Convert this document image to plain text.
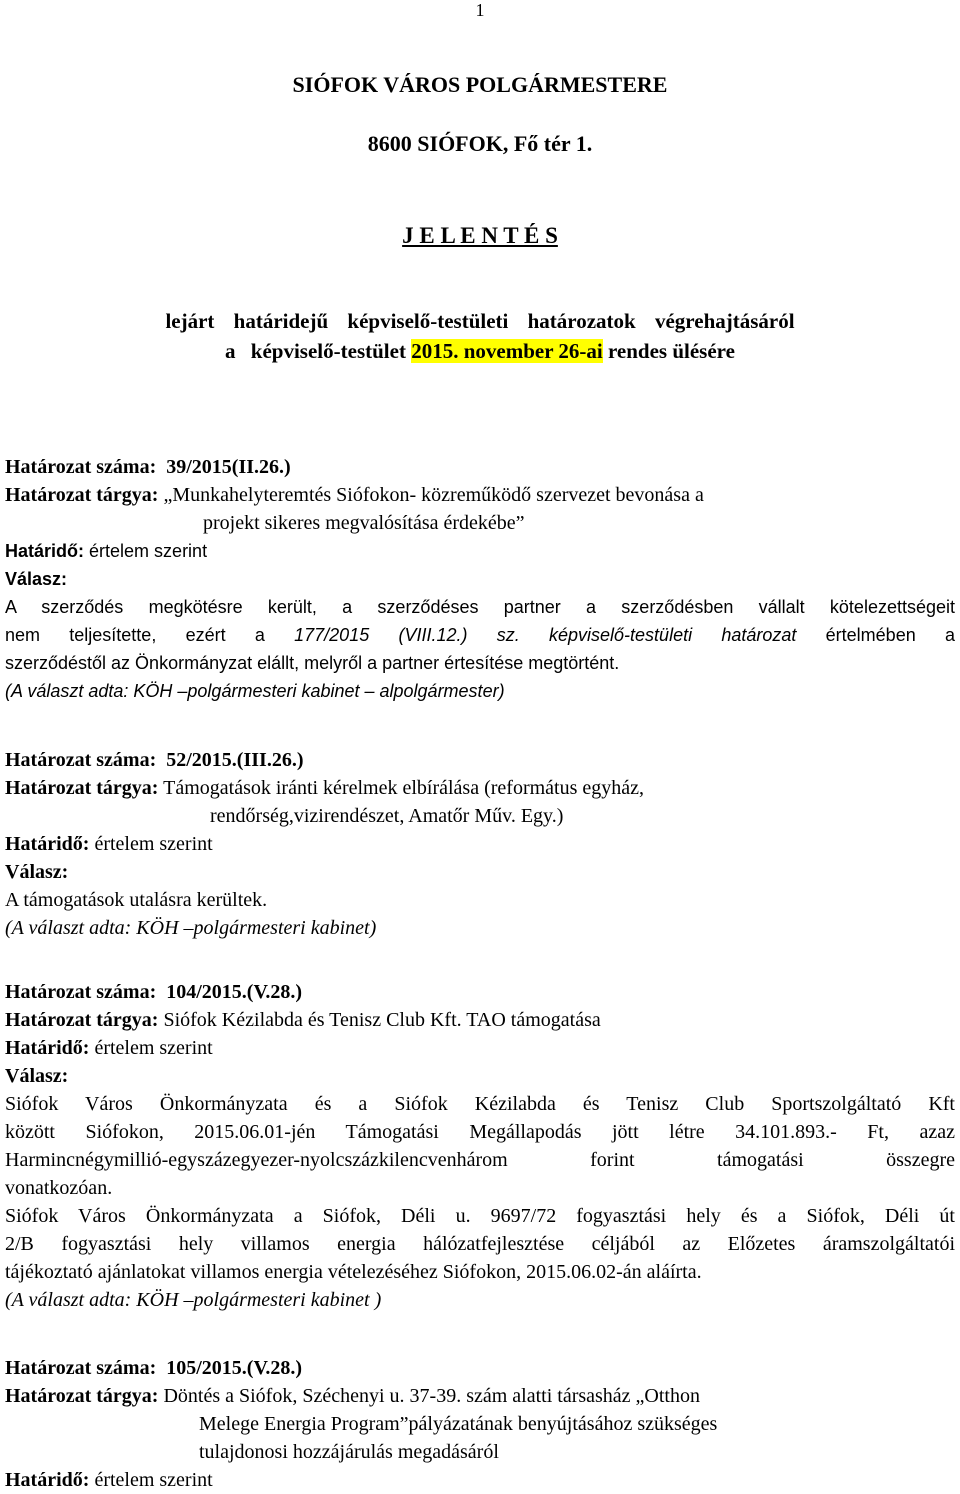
1
SIÓFOK VÁROS POLGÁRMESTERE
8600 SIÓFOK, Fő tér 1.
J E L E N T É S
lejárt határidejű képviselő-testületi határozatok végrehajtásáról
a képviselő-testület 2015. november 26-ai rendes ülésére
Határozat száma: 39/2015(II.26.)
Határozat tárgya: „Munkahelyteremtés Siófokon- közreműködő szervezet bevonása a
projekt sikeres megvalósítása érdekébe”
Határidő: értelem szerint
Válasz:
A szerződés megkötésre került, a szerződéses partner a szerződésben vállalt kötelezettségeit
nem teljesítette, ezért a 177/2015 (VIII.12.) sz. képviselő-testületi határozat értelmében a
szerződéstől az Önkormányzat elállt, melyről a partner értesítése megtörtént.
(A választ adta: KÖH –polgármesteri kabinet – alpolgármester)
Határozat száma: 52/2015.(III.26.)
Határozat tárgya: Támogatások iránti kérelmek elbírálása (református egyház,
rendőrség,vizirendészet, Amatőr Műv. Egy.)
Határidő: értelem szerint
Válasz:
A támogatások utalásra kerültek.
(A választ adta: KÖH –polgármesteri kabinet)
Határozat száma: 104/2015.(V.28.)
Határozat tárgya: Siófok Kézilabda és Tenisz Club Kft. TAO támogatása
Határidő: értelem szerint
Válasz:
Siófok Város Önkormányzata és a Siófok Kézilabda és Tenisz Club Sportszolgáltató Kft
között Siófokon, 2015.06.01-jén Támogatási Megállapodás jött létre 34.101.893.- Ft, azaz
Harmincnégymillió-egyszázegyezer-nyolcszázkilencvenhárom forint támogatási összegre
vonatkozóan.
Siófok Város Önkormányzata a Siófok, Déli u. 9697/72 fogyasztási hely és a Siófok, Déli út
2/B fogyasztási hely villamos energia hálózatfejlesztése céljából az Előzetes áramszolgáltatói
tájékoztató ajánlatokat villamos energia vételezéséhez Siófokon, 2015.06.02-án aláírta.
(A választ adta: KÖH –polgármesteri kabinet )
Határozat száma: 105/2015.(V.28.)
Határozat tárgya: Döntés a Siófok, Széchenyi u. 37-39. szám alatti társasház „Otthon
Melege Energia Program”pályázatának benyújtásához szükséges
tulajdonosi hozzájárulás megadásáról
Határidő: értelem szerint
